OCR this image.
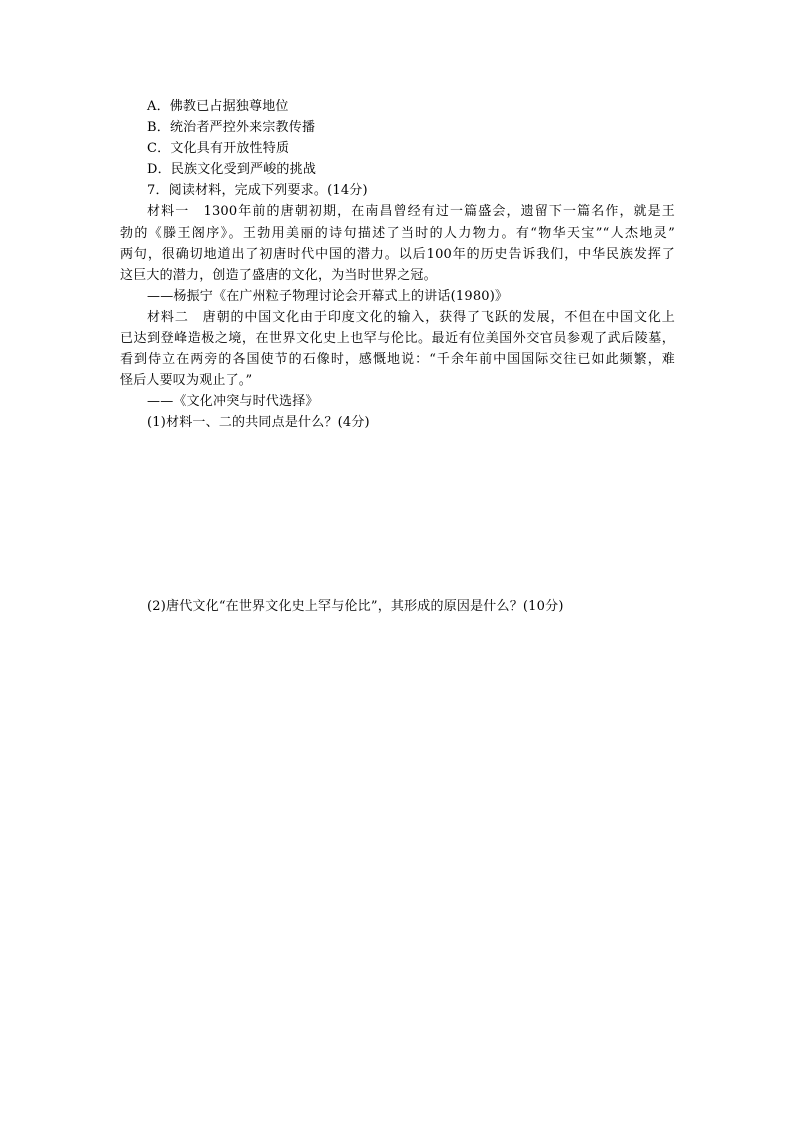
A．佛教已占据独尊地位
B．统治者严控外来宗教传播
C．文化具有开放性特质
D．民族文化受到严峻的挑战
7．阅读材料，完成下列要求。(14分)
材料一　1300年前的唐朝初期，在南昌曾经有过一篇盛会，遗留下一篇名作，就是王
勃的《滕王阁序》。王勃用美丽的诗句描述了当时的人力物力。有“物华天宝”“人杰地灵”
两句，很确切地道出了初唐时代中国的潜力。以后100年的历史告诉我们，中华民族发挥了
这巨大的潜力，创造了盛唐的文化，为当时世界之冠。
——杨振宁《在广州粒子物理讨论会开幕式上的讲话(1980)》
材料二　唐朝的中国文化由于印度文化的输入，获得了飞跃的发展，不但在中国文化上
已达到登峰造极之境，在世界文化史上也罕与伦比。最近有位美国外交官员参观了武后陵墓，
看到侍立在两旁的各国使节的石像时，感慨地说：“千余年前中国国际交往已如此频繁，难
怪后人要叹为观止了。”
——《文化冲突与时代选择》
(1)材料一、二的共同点是什么？(4分)
(2)唐代文化“在世界文化史上罕与伦比”，其形成的原因是什么？(10分)
